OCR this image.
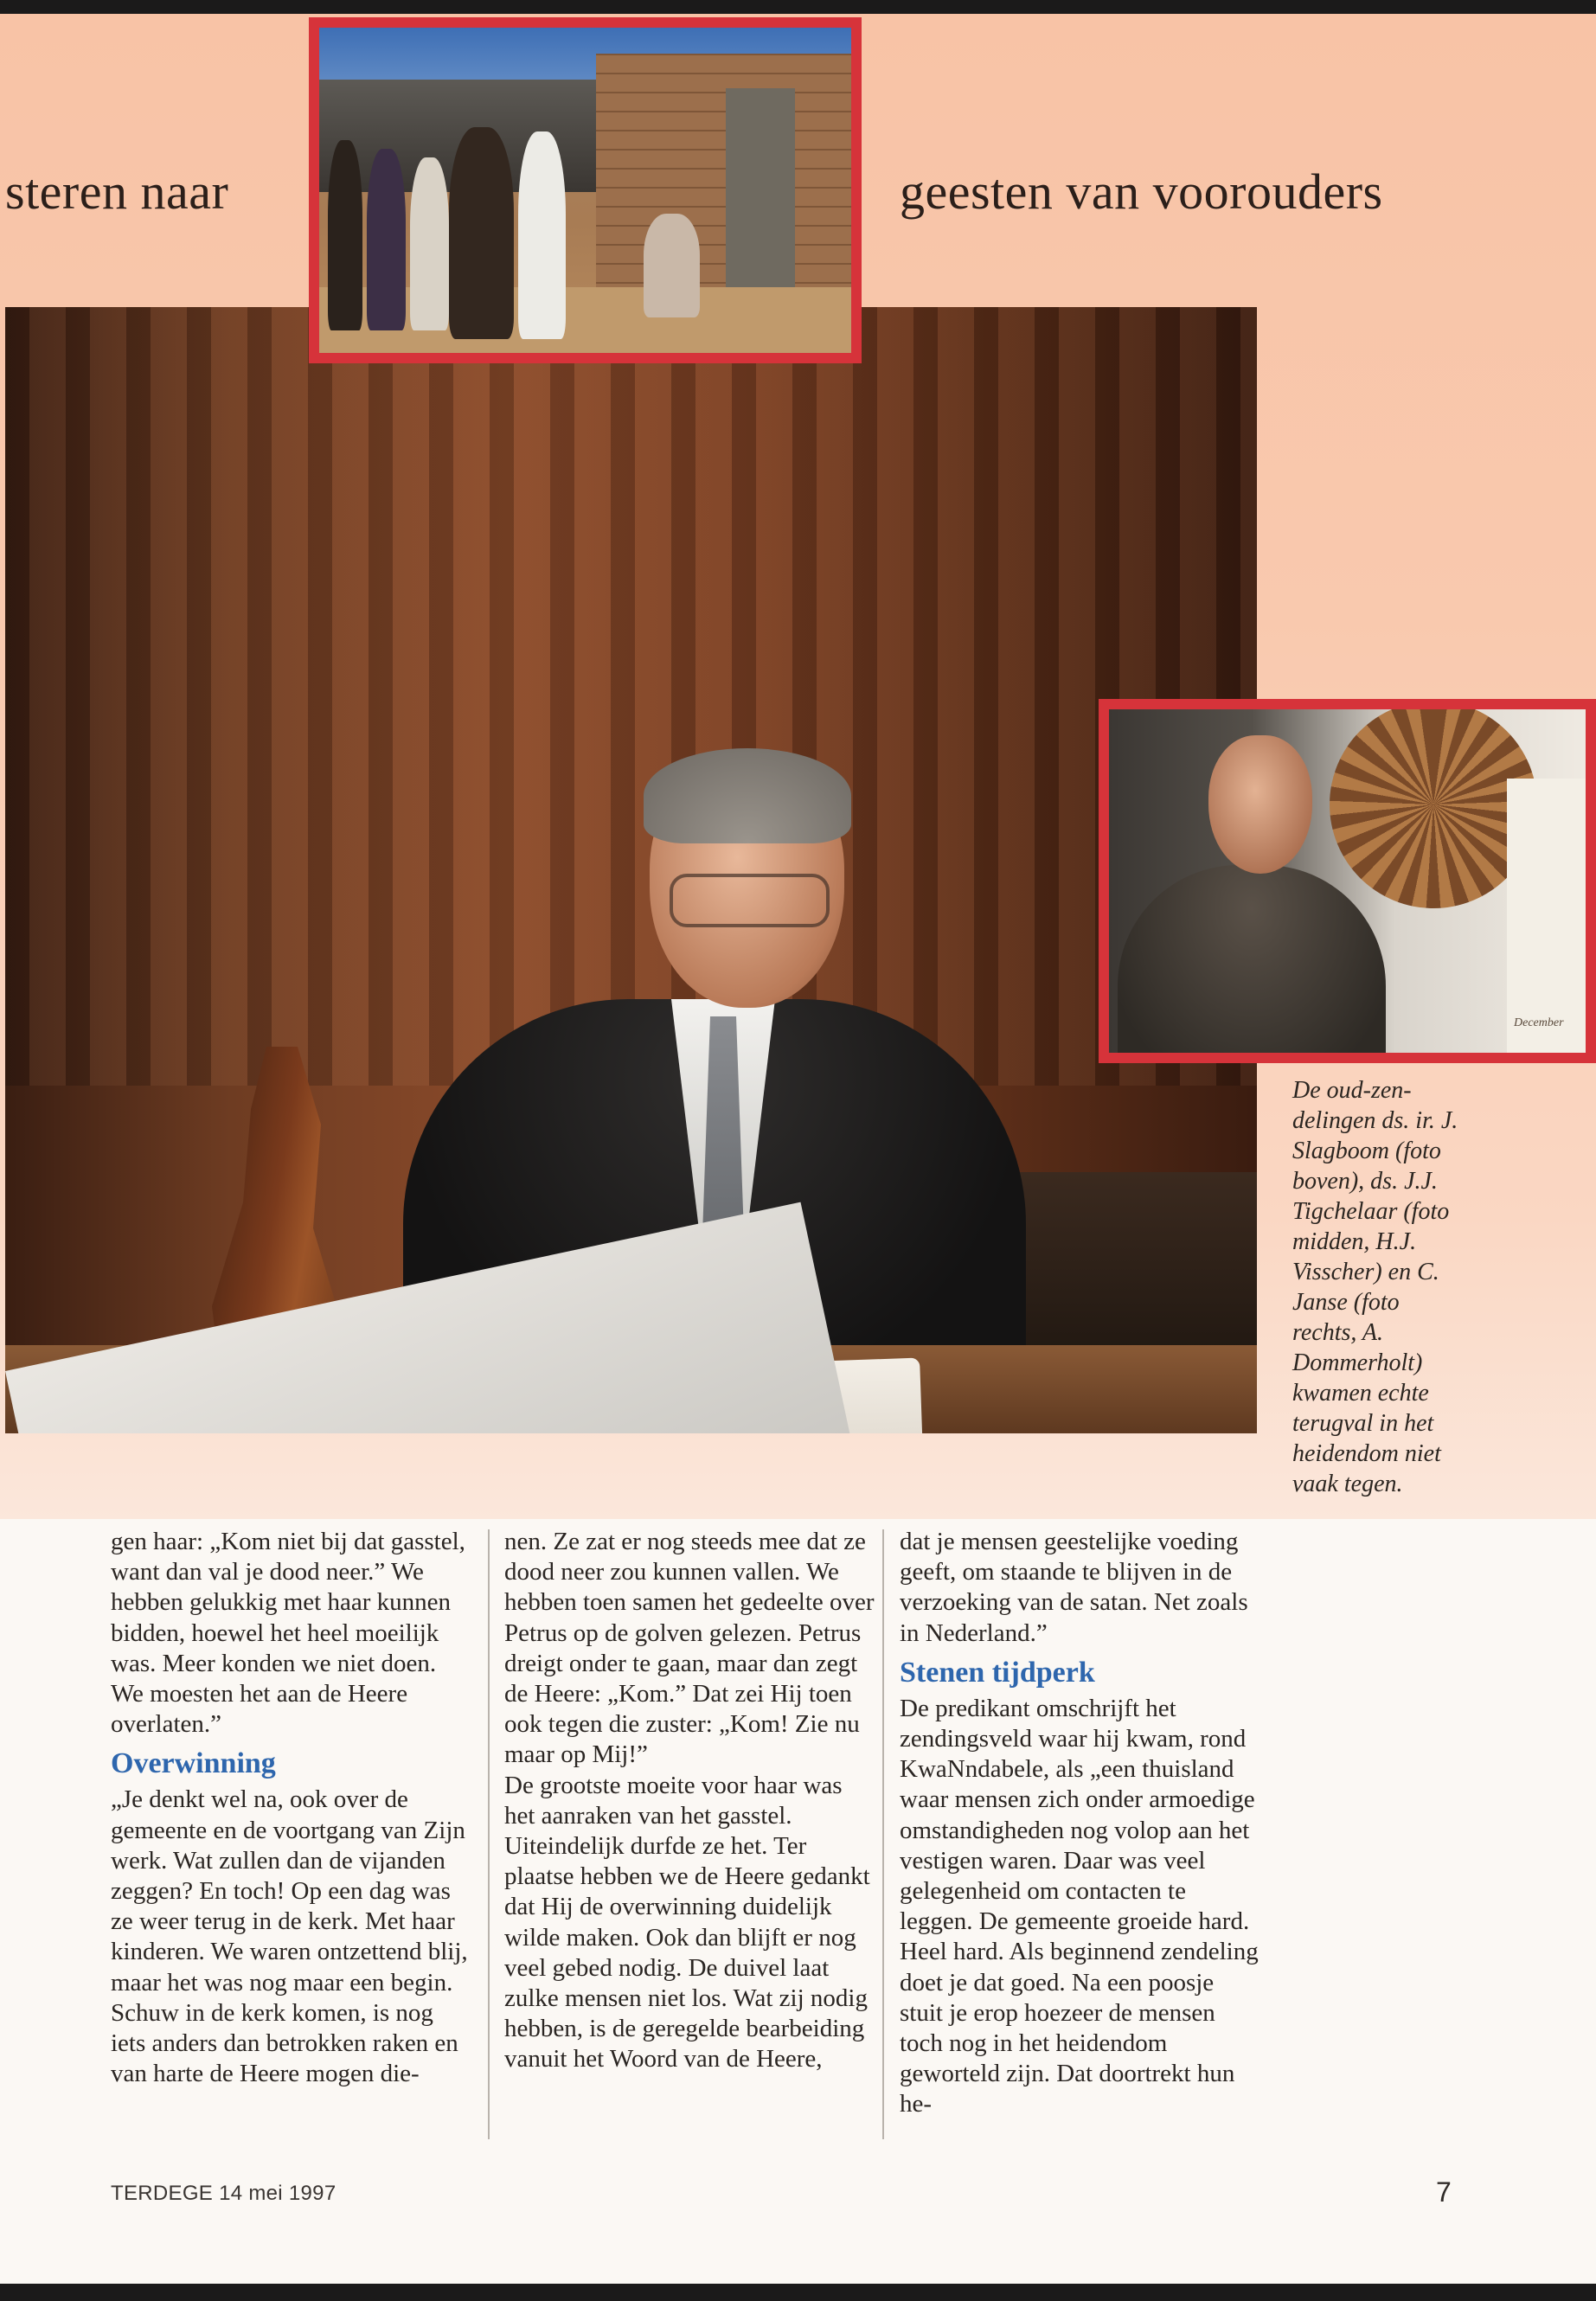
steren naar	geesten van voorouders
December
De oud-zen-delingen ds. ir. J. Slagboom (foto boven), ds. J.J. Tigchelaar (foto midden, H.J. Visscher) en C. Janse (foto rechts, A. Dommerholt) kwamen echte terugval in het heidendom niet vaak tegen.

gen haar: „Kom niet bij dat gasstel, want dan val je dood neer.” We hebben gelukkig met haar kunnen bidden, hoewel het heel moeilijk was. Meer konden we niet doen. We moesten het aan de Heere overlaten.”

Overwinning

„Je denkt wel na, ook over de gemeente en de voortgang van Zijn werk. Wat zullen dan de vijanden zeggen? En toch! Op een dag was ze weer terug in de kerk. Met haar kinderen. We waren ontzettend blij, maar het was nog maar een begin. Schuw in de kerk komen, is nog iets anders dan betrokken raken en van harte de Heere mogen die-

nen. Ze zat er nog steeds mee dat ze dood neer zou kunnen vallen. We hebben toen samen het gedeelte over Petrus op de golven gelezen. Petrus dreigt onder te gaan, maar dan zegt de Heere: „Kom.” Dat zei Hij toen ook tegen die zuster: „Kom! Zie nu maar op Mij!”

De grootste moeite voor haar was het aanraken van het gasstel. Uiteindelijk durfde ze het. Ter plaatse hebben we de Heere gedankt dat Hij de overwinning duidelijk wilde maken. Ook dan blijft er nog veel gebed nodig. De duivel laat zulke mensen niet los. Wat zij nodig hebben, is de geregelde bearbeiding vanuit het Woord van de Heere,

dat je mensen geestelijke voeding geeft, om staande te blijven in de verzoeking van de satan. Net zoals in Nederland.”

Stenen tijdperk

De predikant omschrijft het zendingsveld waar hij kwam, rond KwaNndabele, als „een thuisland waar mensen zich onder armoedige omstandigheden nog volop aan het vestigen waren. Daar was veel gelegenheid om contacten te leggen. De gemeente groeide hard. Heel hard. Als beginnend zendeling doet je dat goed. Na een poosje stuit je erop hoezeer de mensen toch nog in het heidendom geworteld zijn. Dat doortrekt hun he-

TERDEGE 14 mei 1997	7
